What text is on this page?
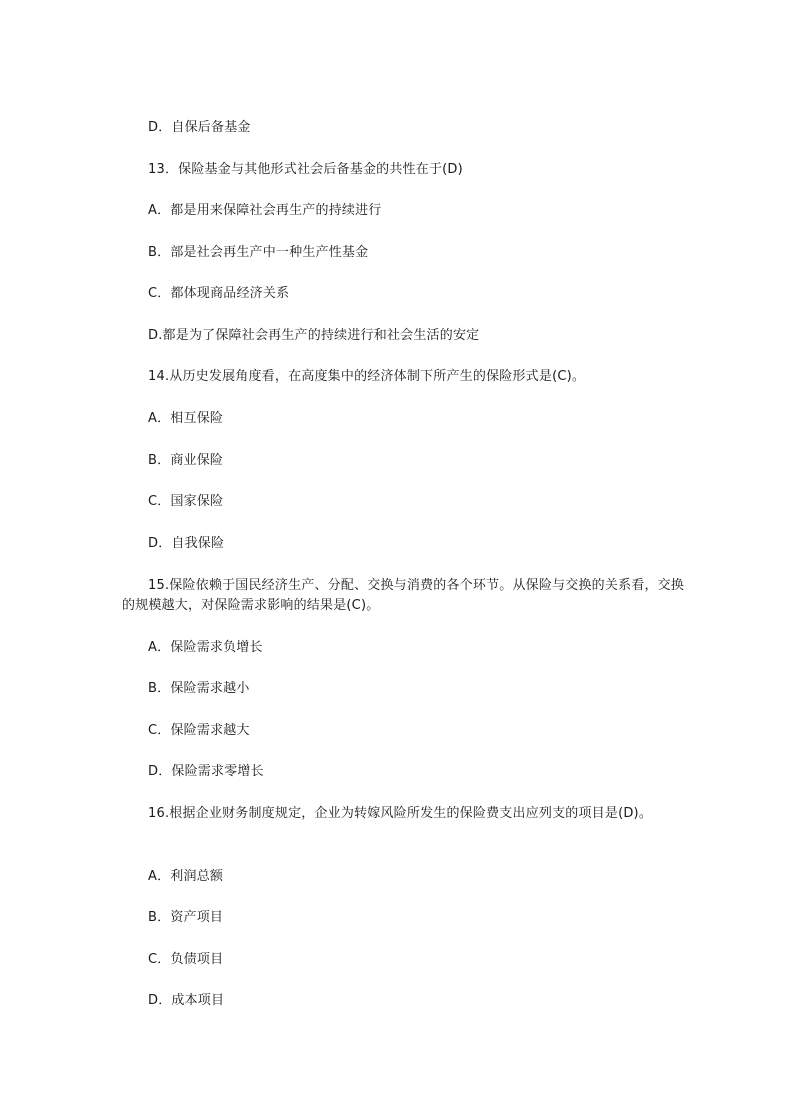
D．自保后备基金
13．保险基金与其他形式社会后备基金的共性在于(D)
A．都是用来保障社会再生产的持续进行
B．部是社会再生产中一种生产性基金
C．都体现商品经济关系
D.都是为了保障社会再生产的持续进行和社会生活的安定
14.从历史发展角度看，在高度集中的经济体制下所产生的保险形式是(C)。
A．相互保险
B．商业保险
C．国家保险
D．自我保险
15.保险依赖于国民经济生产、分配、交换与消费的各个环节。从保险与交换的关系看，交换的规模越大，对保险需求影响的结果是(C)。
A．保险需求负增长
B．保险需求越小
C．保险需求越大
D．保险需求零增长
16.根据企业财务制度规定，企业为转嫁风险所发生的保险费支出应列支的项目是(D)。
A．利润总额
B．资产项目
C．负债项目
D．成本项目
